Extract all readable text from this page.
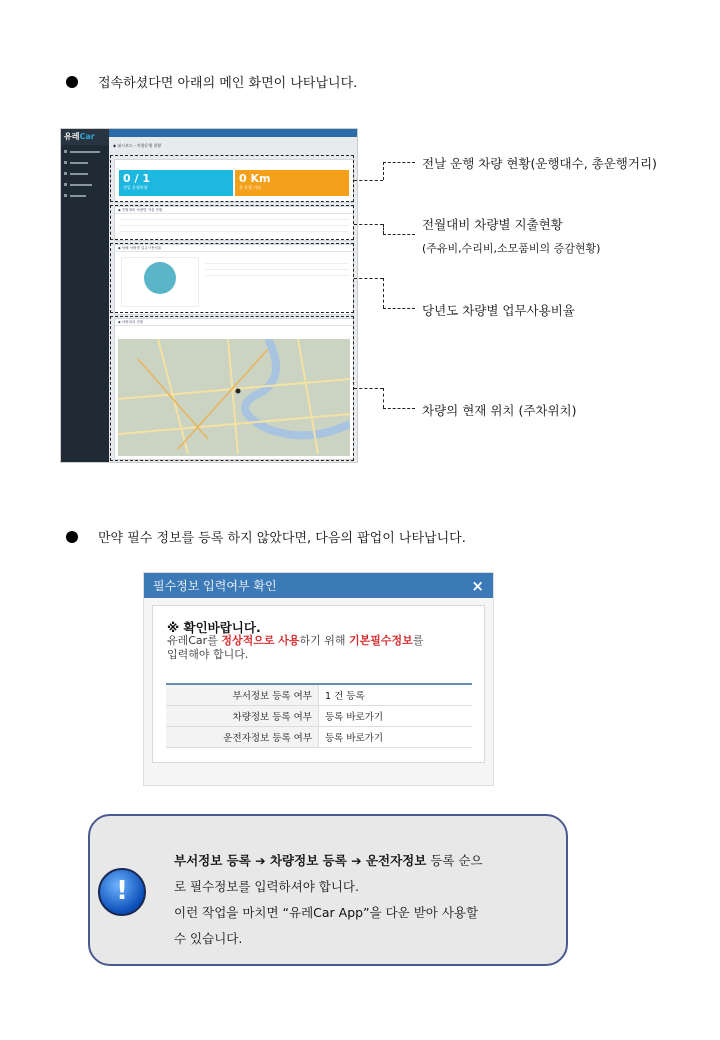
접속하셨다면 아래의 메인 화면이 나타납니다.
유레Car
◆ 대시보드 - 차량운행 현황
0 / 1
전일 운행차량
0 Km
총 운행 거리
◆ 전월대비 차량별 지출 현황
◆ 당해 차량별 업무사용비율
◆ 차량위치 현황
전날 운행 차량 현황(운행대수, 총운행거리)
전월대비 차량별 지출현황
(주유비,수리비,소모품비의 증감현황)
당년도 차량별 업무사용비율
차량의 현재 위치 (주차위치)
만약 필수 정보를 등록 하지 않았다면, 다음의 팝업이 나타납니다.
필수정보 입력여부 확인	×
※ 확인바랍니다.
유레Car를 정상적으로 사용하기 위해 기본필수정보를
입력해야 합니다.
부서정보 등록 여부	1 건 등록
차량정보 등록 여부	등록 바로가기
운전자정보 등록 여부	등록 바로가기
!
부서정보 등록 ➔ 차량정보 등록 ➔ 운전자정보 등록 순으
로 필수정보를 입력하셔야 합니다.
이런 작업을 마치면 “유레Car App”을 다운 받아 사용할
수 있습니다.
